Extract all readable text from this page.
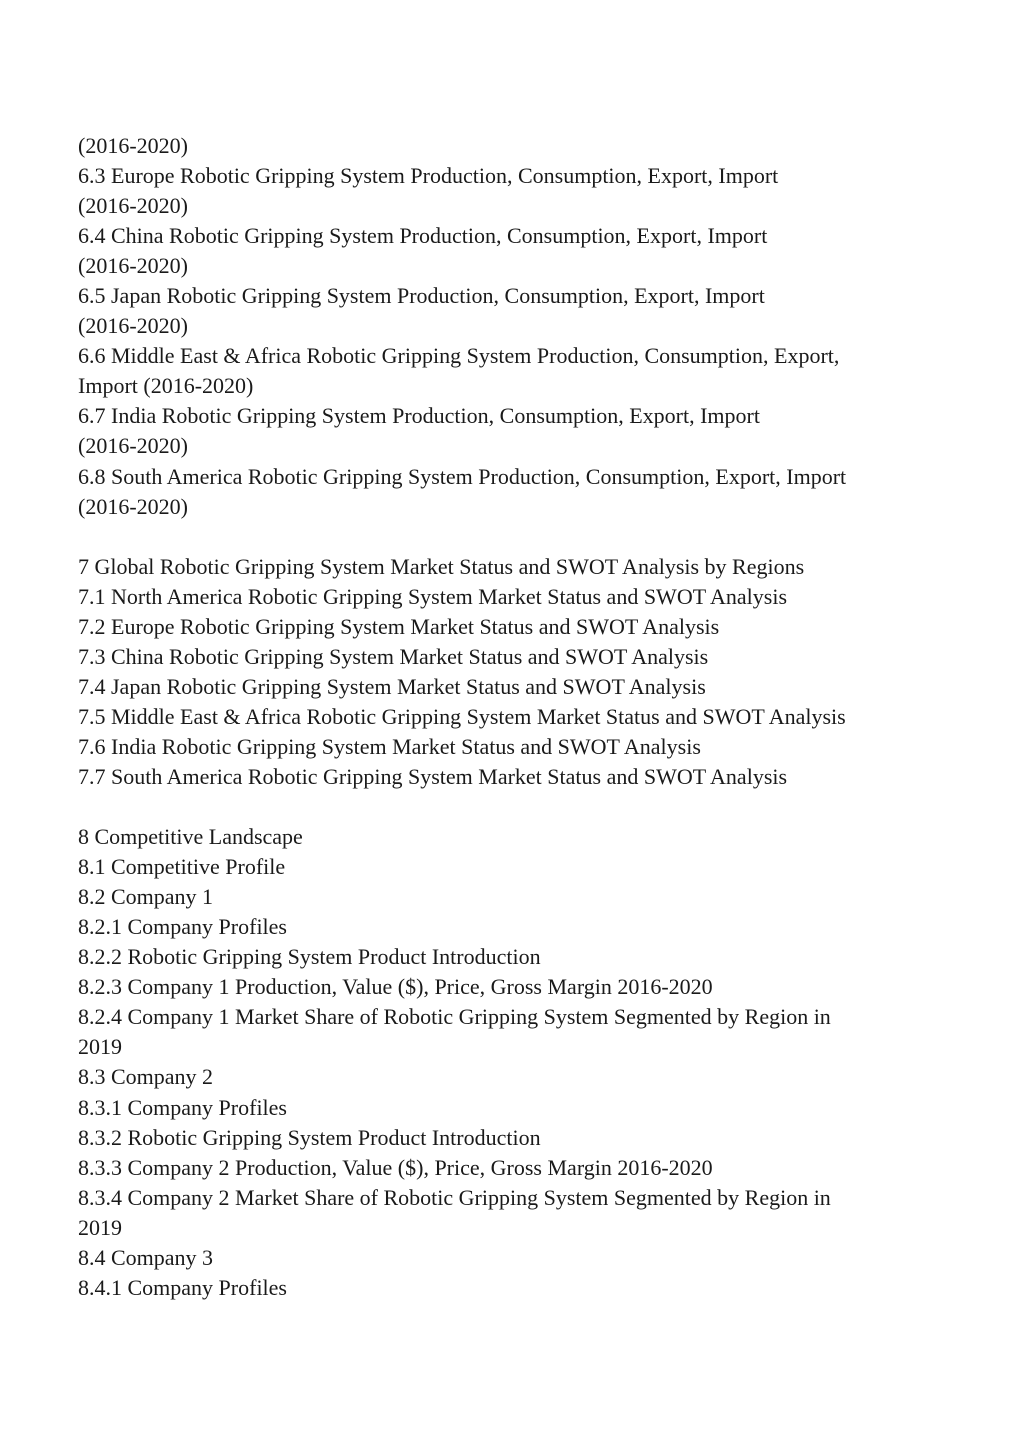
(2016-2020)
6.3 Europe Robotic Gripping System Production, Consumption, Export, Import
(2016-2020)
6.4 China Robotic Gripping System Production, Consumption, Export, Import
(2016-2020)
6.5 Japan Robotic Gripping System Production, Consumption, Export, Import
(2016-2020)
6.6 Middle East & Africa Robotic Gripping System Production, Consumption, Export,
Import (2016-2020)
6.7 India Robotic Gripping System Production, Consumption, Export, Import
(2016-2020)
6.8 South America Robotic Gripping System Production, Consumption, Export, Import
(2016-2020)
7 Global Robotic Gripping System Market Status and SWOT Analysis by Regions
7.1 North America Robotic Gripping System Market Status and SWOT Analysis
7.2 Europe Robotic Gripping System Market Status and SWOT Analysis
7.3 China Robotic Gripping System Market Status and SWOT Analysis
7.4 Japan Robotic Gripping System Market Status and SWOT Analysis
7.5 Middle East & Africa Robotic Gripping System Market Status and SWOT Analysis
7.6 India Robotic Gripping System Market Status and SWOT Analysis
7.7 South America Robotic Gripping System Market Status and SWOT Analysis
8 Competitive Landscape
8.1 Competitive Profile
8.2 Company 1
8.2.1 Company Profiles
8.2.2 Robotic Gripping System Product Introduction
8.2.3 Company 1 Production, Value ($), Price, Gross Margin 2016-2020
8.2.4 Company 1 Market Share of Robotic Gripping System Segmented by Region in
2019
8.3 Company 2
8.3.1 Company Profiles
8.3.2 Robotic Gripping System Product Introduction
8.3.3 Company 2 Production, Value ($), Price, Gross Margin 2016-2020
8.3.4 Company 2 Market Share of Robotic Gripping System Segmented by Region in
2019
8.4 Company 3
8.4.1 Company Profiles
